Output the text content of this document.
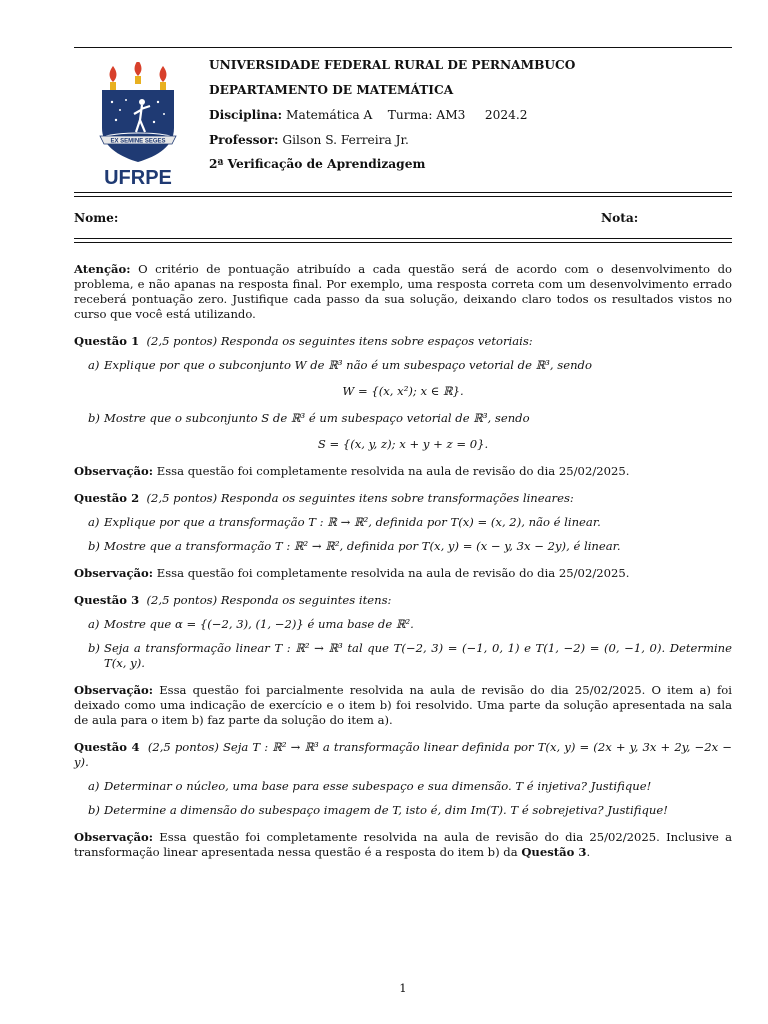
EX SEMINE SEGES
UFRPE
UNIVERSIDADE FEDERAL RURAL DE PERNAMBUCO
DEPARTAMENTO DE MATEMÁTICA
Disciplina: Matemática A Turma: AM3 2024.2
Professor: Gilson S. Ferreira Jr.
2ª Verificação de Aprendizagem
Nome:	Nota:

Atenção: O critério de pontuação atribuído a cada questão será de acordo com o desenvolvimento do problema, e não apanas na resposta final. Por exemplo, uma resposta correta com um desenvolvimento errado receberá pontuação zero. Justifique cada passo da sua solução, deixando claro todos os resultados vistos no curso que você está utilizando.

Questão 1 (2,5 pontos) Responda os seguintes itens sobre espaços vetoriais:

a) Explique por que o subconjunto W de ℝ³ não é um subespaço vetorial de ℝ³, sendo
W = {(x, x²); x ∈ ℝ}.
b) Mostre que o subconjunto S de ℝ³ é um subespaço vetorial de ℝ³, sendo
S = {(x, y, z); x + y + z = 0}.

Observação: Essa questão foi completamente resolvida na aula de revisão do dia 25/02/2025.

Questão 2 (2,5 pontos) Responda os seguintes itens sobre transformações lineares:

a) Explique por que a transformação T : ℝ → ℝ², definida por T(x) = (x, 2), não é linear.
b) Mostre que a transformação T : ℝ² → ℝ², definida por T(x, y) = (x − y, 3x − 2y), é linear.

Observação: Essa questão foi completamente resolvida na aula de revisão do dia 25/02/2025.

Questão 3 (2,5 pontos) Responda os seguintes itens:

a) Mostre que α = {(−2, 3), (1, −2)} é uma base de ℝ².
b) Seja a transformação linear T : ℝ² → ℝ³ tal que T(−2, 3) = (−1, 0, 1) e T(1, −2) = (0, −1, 0). Determine T(x, y).

Observação: Essa questão foi parcialmente resolvida na aula de revisão do dia 25/02/2025. O item a) foi deixado como uma indicação de exercício e o item b) foi resolvido. Uma parte da solução apresentada na sala de aula para o item b) faz parte da solução do item a).

Questão 4 (2,5 pontos) Seja T : ℝ² → ℝ³ a transformação linear definida por T(x, y) = (2x + y, 3x + 2y, −2x − y).

a) Determinar o núcleo, uma base para esse subespaço e sua dimensão. T é injetiva? Justifique!
b) Determine a dimensão do subespaço imagem de T, isto é, dim Im(T). T é sobrejetiva? Justifique!

Observação: Essa questão foi completamente resolvida na aula de revisão do dia 25/02/2025. Inclusive a transformação linear apresentada nessa questão é a resposta do item b) da Questão 3.

1
